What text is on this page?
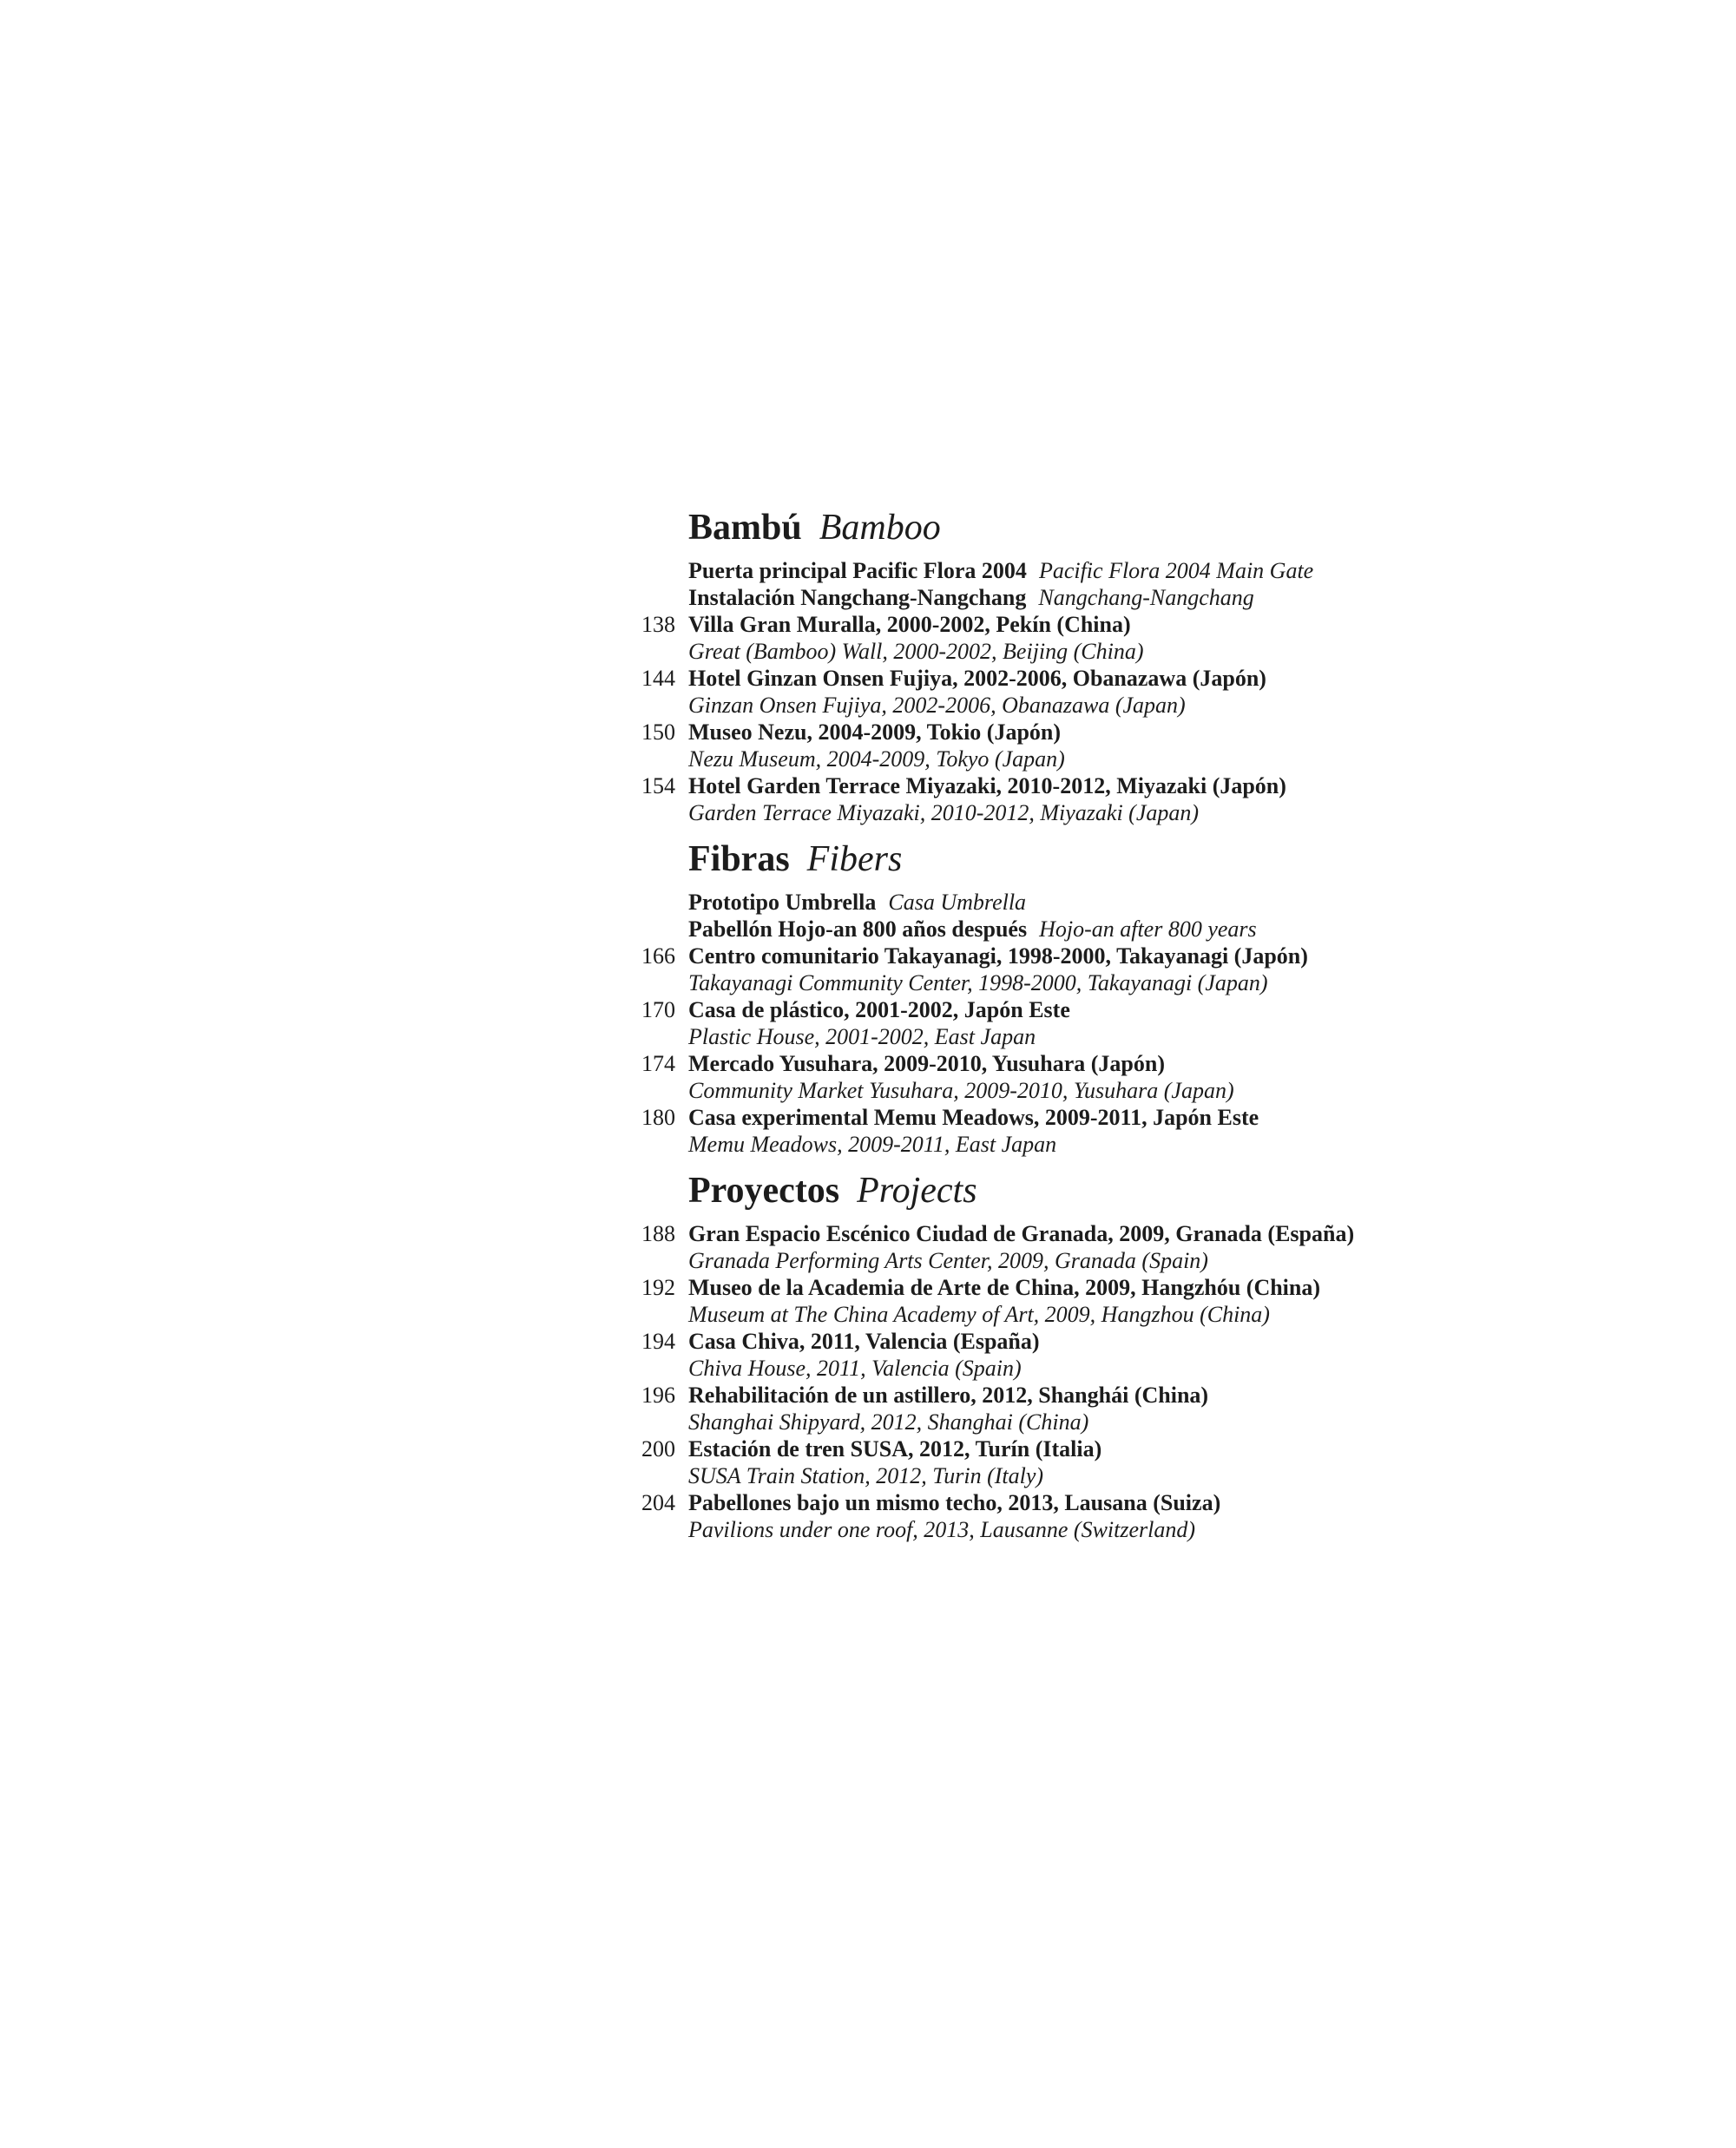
Bambú Bamboo
Puerta principal Pacific Flora 2004 Pacific Flora 2004 Main Gate
Instalación Nangchang-Nangchang Nangchang-Nangchang
138 Villa Gran Muralla, 2000-2002, Pekín (China)
Great (Bamboo) Wall, 2000-2002, Beijing (China)
144 Hotel Ginzan Onsen Fujiya, 2002-2006, Obanazawa (Japón)
Ginzan Onsen Fujiya, 2002-2006, Obanazawa (Japan)
150 Museo Nezu, 2004-2009, Tokio (Japón)
Nezu Museum, 2004-2009, Tokyo (Japan)
154 Hotel Garden Terrace Miyazaki, 2010-2012, Miyazaki (Japón)
Garden Terrace Miyazaki, 2010-2012, Miyazaki (Japan)
Fibras Fibers
Prototipo Umbrella Casa Umbrella
Pabellón Hojo-an 800 años después Hojo-an after 800 years
166 Centro comunitario Takayanagi, 1998-2000, Takayanagi (Japón)
Takayanagi Community Center, 1998-2000, Takayanagi (Japan)
170 Casa de plástico, 2001-2002, Japón Este
Plastic House, 2001-2002, East Japan
174 Mercado Yusuhara, 2009-2010, Yusuhara (Japón)
Community Market Yusuhara, 2009-2010, Yusuhara (Japan)
180 Casa experimental Memu Meadows, 2009-2011, Japón Este
Memu Meadows, 2009-2011, East Japan
Proyectos Projects
188 Gran Espacio Escénico Ciudad de Granada, 2009, Granada (España)
Granada Performing Arts Center, 2009, Granada (Spain)
192 Museo de la Academia de Arte de China, 2009, Hangzhóu (China)
Museum at The China Academy of Art, 2009, Hangzhou (China)
194 Casa Chiva, 2011, Valencia (España)
Chiva House, 2011, Valencia (Spain)
196 Rehabilitación de un astillero, 2012, Shanghái (China)
Shanghai Shipyard, 2012, Shanghai (China)
200 Estación de tren SUSA, 2012, Turín (Italia)
SUSA Train Station, 2012, Turin (Italy)
204 Pabellones bajo un mismo techo, 2013, Lausana (Suiza)
Pavilions under one roof, 2013, Lausanne (Switzerland)
